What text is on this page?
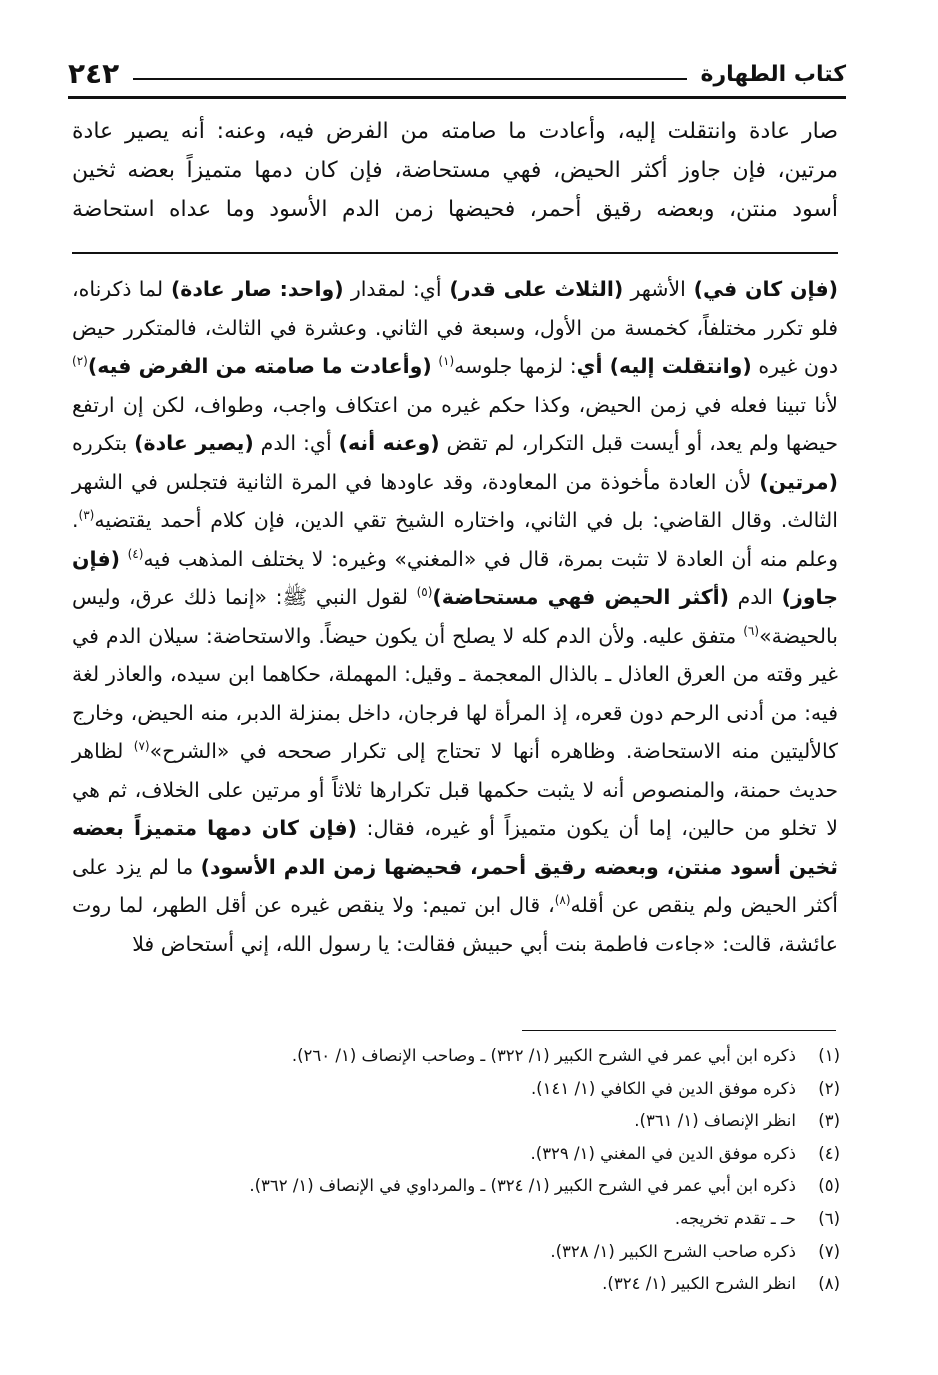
٢٤٢	كتاب الطهارة

صار عادة وانتقلت إليه، وأعادت ما صامته من الفرض فيه، وعنه: أنه يصير عادة

مرتين، فإن جاوز أكثر الحيض، فهي مستحاضة، فإن كان دمها متميزاً بعضه ثخين

أسود منتن، وبعضه رقيق أحمر، فحيضها زمن الدم الأسود وما عداه استحاضة

(فإن كان في) الأشهر (الثلاث على قدر) أي: لمقدار (واحد: صار عادة) لما ذكرناه، فلو تكرر مختلفاً، كخمسة من الأول، وسبعة في الثاني. وعشرة في الثالث، فالمتكرر حيض دون غيره (وانتقلت إليه) أي: لزمها جلوسه$^{(١)}$ (وأعادت ما صامته من الفرض فيه)$^{(٢)}$ لأنا تبينا فعله في زمن الحيض، وكذا حكم غيره من اعتكاف واجب، وطواف، لكن إن ارتفع حيضها ولم يعد، أو أيست قبل التكرار، لم تقض (وعنه أنه) أي: الدم (يصير عادة) بتكرره (مرتين) لأن العادة مأخوذة من المعاودة، وقد عاودها في المرة الثانية فتجلس في الشهر الثالث. وقال القاضي: بل في الثاني، واختاره الشيخ تقي الدين، فإن كلام أحمد يقتضيه$^{(٣)}$. وعلم منه أن العادة لا تثبت بمرة، قال في «المغني» وغيره: لا يختلف المذهب فيه$^{(٤)}$ (فإن جاوز) الدم (أكثر الحيض فهي مستحاضة)$^{(٥)}$ لقول النبي ﷺ: «إنما ذلك عرق، وليس بالحيضة»$^{(٦)}$ متفق عليه. ولأن الدم كله لا يصلح أن يكون حيضاً. والاستحاضة: سيلان الدم في غير وقته من العرق العاذل ـ بالذال المعجمة ـ وقيل: المهملة، حكاهما ابن سيده، والعاذر لغة فيه: من أدنى الرحم دون قعره، إذ المرأة لها فرجان، داخل بمنزلة الدبر، منه الحيض، وخارج كالأليتين منه الاستحاضة. وظاهره أنها لا تحتاج إلى تكرار صححه في «الشرح»$^{(٧)}$ لظاهر حديث حمنة، والمنصوص أنه لا يثبت حكمها قبل تكرارها ثلاثاً أو مرتين على الخلاف، ثم هي لا تخلو من حالين، إما أن يكون متميزاً أو غيره، فقال: (فإن كان دمها متميزاً بعضه ثخين أسود منتن، وبعضه رقيق أحمر، فحيضها زمن الدم الأسود) ما لم يزد على أكثر الحيض ولم ينقص عن أقله$^{(٨)}$، قال ابن تميم: ولا ينقص غيره عن أقل الطهر، لما روت عائشة، قالت: «جاءت فاطمة بنت أبي حبيش فقالت: يا رسول الله، إني أستحاض فلا

(١)
ذكره ابن أبي عمر في الشرح الكبير (١/ ٣٢٢) ـ وصاحب الإنصاف (١/ ٢٦٠).
(٢)
ذكره موفق الدين في الكافي (١/ ١٤١).
(٣)
انظر الإنصاف (١/ ٣٦١).
(٤)
ذكره موفق الدين في المغني (١/ ٣٢٩).
(٥)
ذكره ابن أبي عمر في الشرح الكبير (١/ ٣٢٤) ـ والمرداوي في الإنصاف (١/ ٣٦٢).
(٦)
حـ ـ تقدم تخريجه.
(٧)
ذكره صاحب الشرح الكبير (١/ ٣٢٨).
(٨)
انظر الشرح الكبير (١/ ٣٢٤).
